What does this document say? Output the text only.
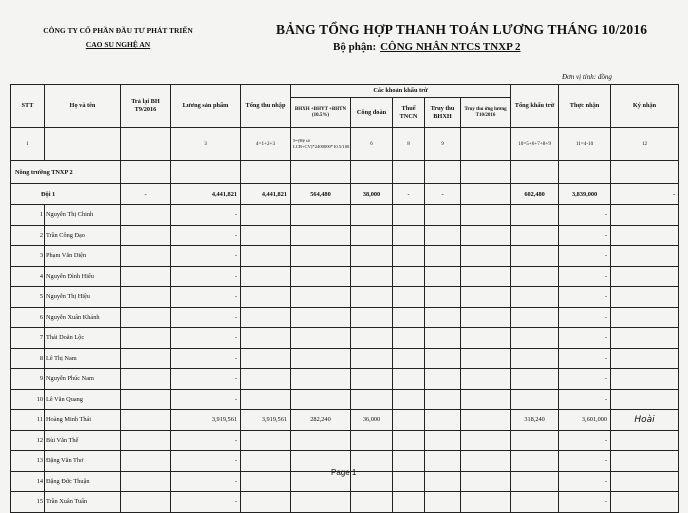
CÔNG TY CỔ PHẦN ĐẦU TƯ PHÁT TRIỂN
CAO SU NGHỆ AN
BẢNG TỔNG HỢP THANH TOÁN LƯƠNG THÁNG 10/2016
Bộ phận: CÔNG NHÂN NTCS TNXP 2
Đơn vị tính: đồng
STT	Họ và tên	Trả lại BH T9/2016	Lương sản phẩm	Tổng thu nhập	Các khoản khấu trừ					Tổng khấu trừ	Thực nhận	Ký nhận
					BHXH +BHYT +BHTN (10.5%)	Công đoàn	Thuế TNCN	Truy thu BHXH	Truy thu ứng lương T10/2016			
1			3	4=1+2+3	5=(Hệ số LCB+CV)*2400000*10.5/100	6	8	9		10=5+6+7+8+9	11=4-10	12
Nông trường TNXP 2												
Đội 1		-	4,441,821	4,441,821	564,480	38,000	-	-		602,480	3,839,000	-
1	Nguyễn Thị Chinh		-								-	
2	Trần Công Đạo		-								-	
3	Phạm Văn Diện		-								-	
4	Nguyễn Đình Hiếu		-								-	
5	Nguyễn Thị Hiệu		-								-	
6	Nguyễn Xuân Khánh		-								-	
7	Thái Doãn Lộc		-								-	
8	Lê Thị Nam		-								-	
9	Nguyễn Phúc Nam		-								-	
10	Lê Văn Quang		-								-	
11	Hoàng Minh Thái		3,919,561	3,919,561	282,240	36,000				318,240	3,601,000	Hoài
12	Bùi Văn Thế		-								-	
13	Đặng Văn Thơ		-								-	
14	Đặng Đức Thuận		-								-	
15	Trần Xuân Tuấn		-								-	
Page 1
